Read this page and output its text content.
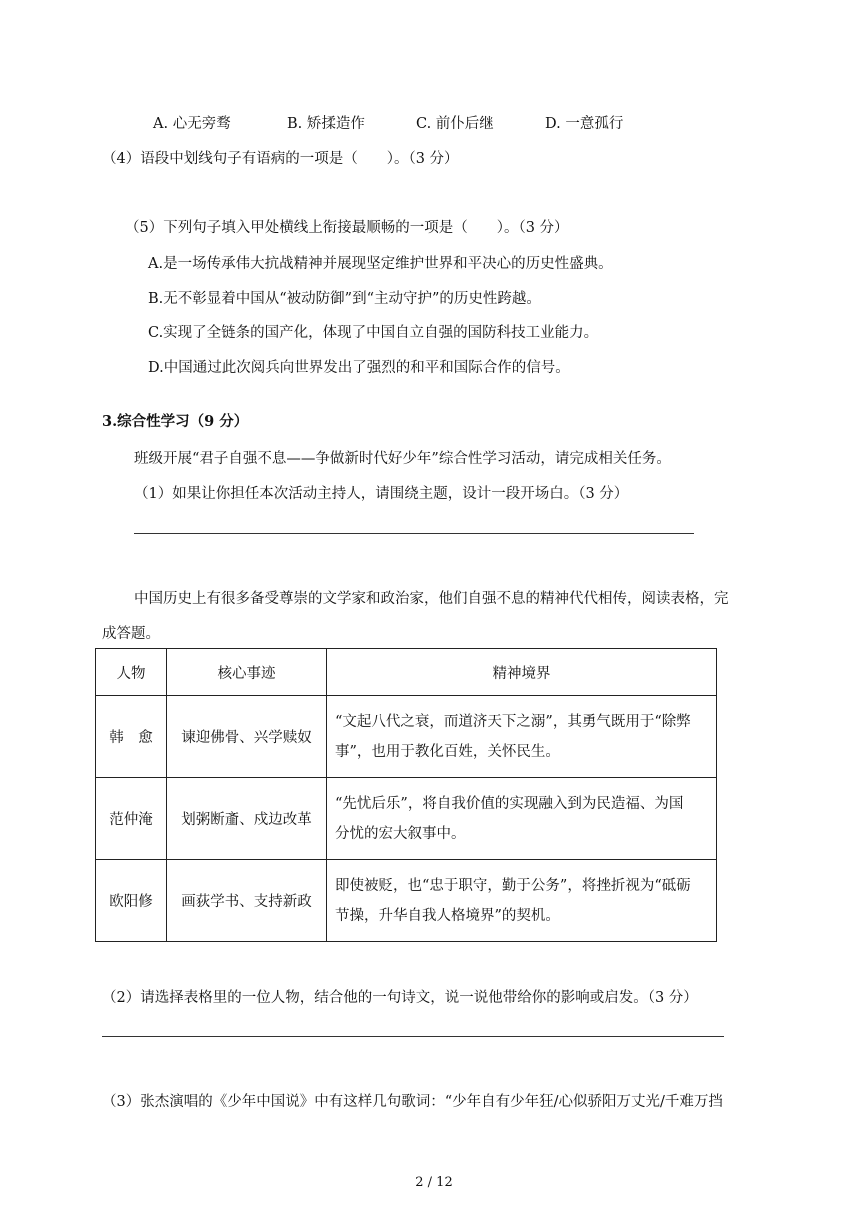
A. 心无旁骛	B. 矫揉造作	C. 前仆后继	D. 一意孤行
（4）语段中划线句子有语病的一项是（　　）。（3 分）
（5）下列句子填入甲处横线上衔接最顺畅的一项是（　　）。（3 分）
A.是一场传承伟大抗战精神并展现坚定维护世界和平决心的历史性盛典。
B.无不彰显着中国从“被动防御”到“主动守护”的历史性跨越。
C.实现了全链条的国产化，体现了中国自立自强的国防科技工业能力。
D.中国通过此次阅兵向世界发出了强烈的和平和国际合作的信号。
3.综合性学习（9 分）
班级开展“君子自强不息——争做新时代好少年”综合性学习活动，请完成相关任务。
（1）如果让你担任本次活动主持人，请围绕主题，设计一段开场白。（3 分）
中国历史上有很多备受尊崇的文学家和政治家，他们自强不息的精神代代相传，阅读表格，完
成答题。
人物	核心事迹	精神境界
韩　愈	谏迎佛骨、兴学赎奴	“文起八代之衰，而道济天下之溺”，其勇气既用于“除弊
事”，也用于教化百姓，关怀民生。

范仲淹	划粥断齑、戍边改革	“先忧后乐”，将自我价值的实现融入到为民造福、为国
分忧的宏大叙事中。

欧阳修	画荻学书、支持新政	即使被贬，也“忠于职守，勤于公务”，将挫折视为“砥砺
节操，升华自我人格境界”的契机。
（2）请选择表格里的一位人物，结合他的一句诗文，说一说他带给你的影响或启发。（3 分）
（3）张杰演唱的《少年中国说》中有这样几句歌词：“少年自有少年狂/心似骄阳万丈光/千难万挡
2 / 12
